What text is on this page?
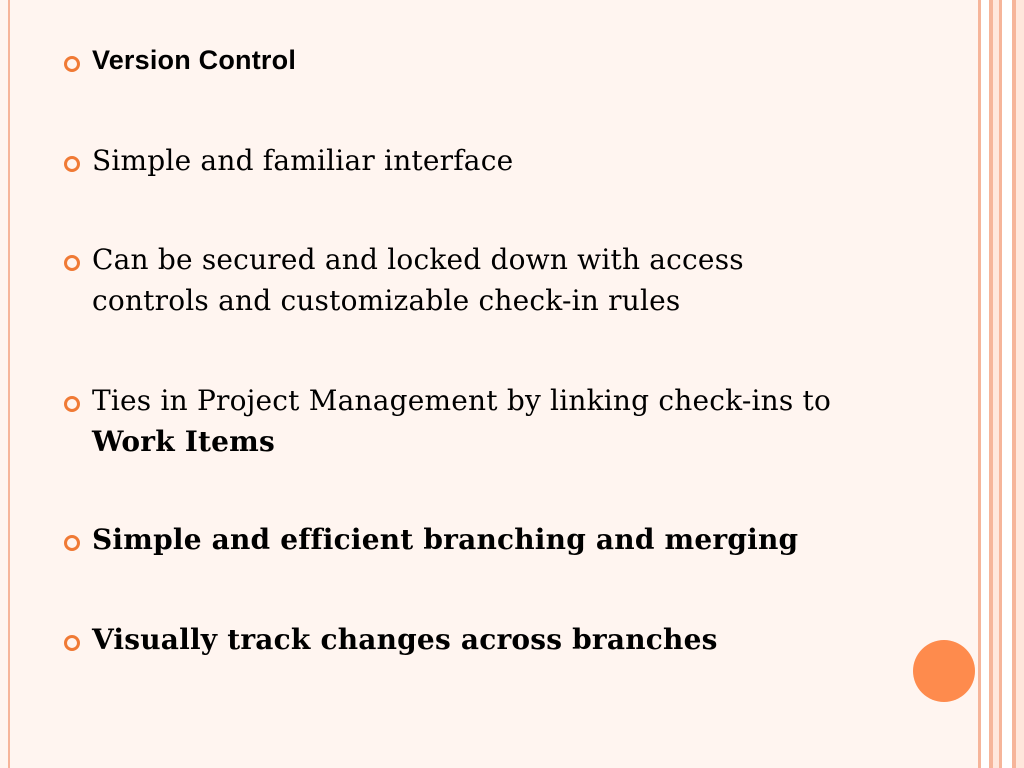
Version Control
Simple and familiar interface
Can be secured and locked down with access
controls and customizable check-in rules
Ties in Project Management by linking check-ins to
Work Items
Simple and efficient branching and merging
Visually track changes across branches
